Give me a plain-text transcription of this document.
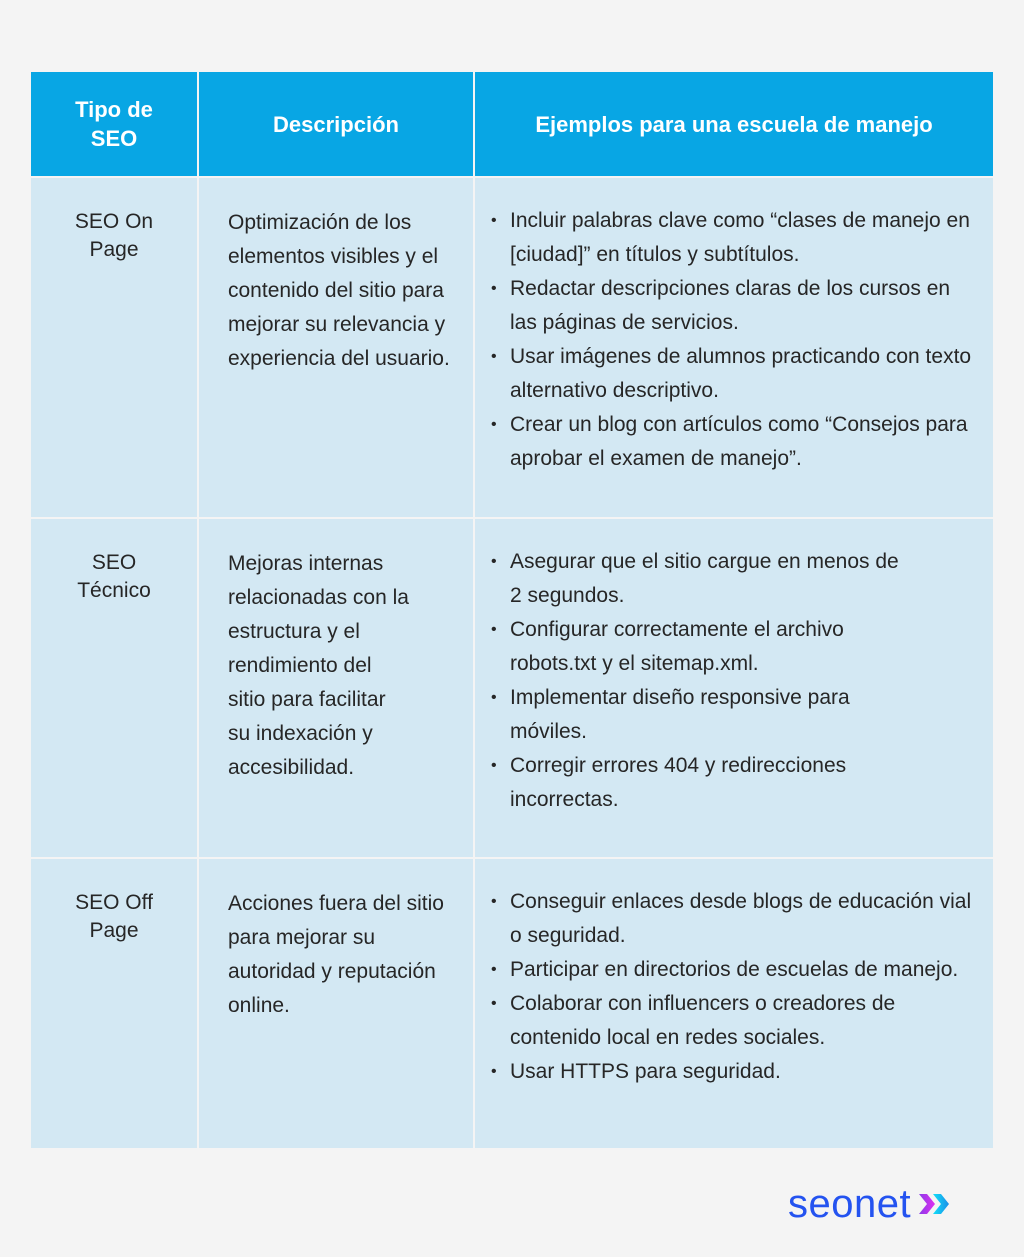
Tipo de SEO
Descripción	Ejemplos para una escuela de manejo
SEO On Page
Optimización de los elementos visibles y el contenido del sitio para mejorar su relevancia y experiencia del usuario.
• Incluir palabras clave como “clases de manejo en [ciudad]” en títulos y subtítulos.
• Redactar descripciones claras de los cursos en las páginas de servicios.
• Usar imágenes de alumnos practicando con texto alternativo descriptivo.
• Crear un blog con artículos como “Consejos para aprobar el examen de manejo”.
SEO Técnico
Mejoras internas relacionadas con la estructura y el rendimiento del sitio para facilitar su indexación y accesibilidad.
• Asegurar que el sitio cargue en menos de 2 segundos.
• Configurar correctamente el archivo robots.txt y el sitemap.xml.
• Implementar diseño responsive para móviles.
• Corregir errores 404 y redirecciones incorrectas.
SEO Off Page
Acciones fuera del sitio para mejorar su autoridad y reputación online.
• Conseguir enlaces desde blogs de educación vial o seguridad.
• Participar en directorios de escuelas de manejo.
• Colaborar con influencers o creadores de contenido local en redes sociales.
• Usar HTTPS para seguridad.
seonet
